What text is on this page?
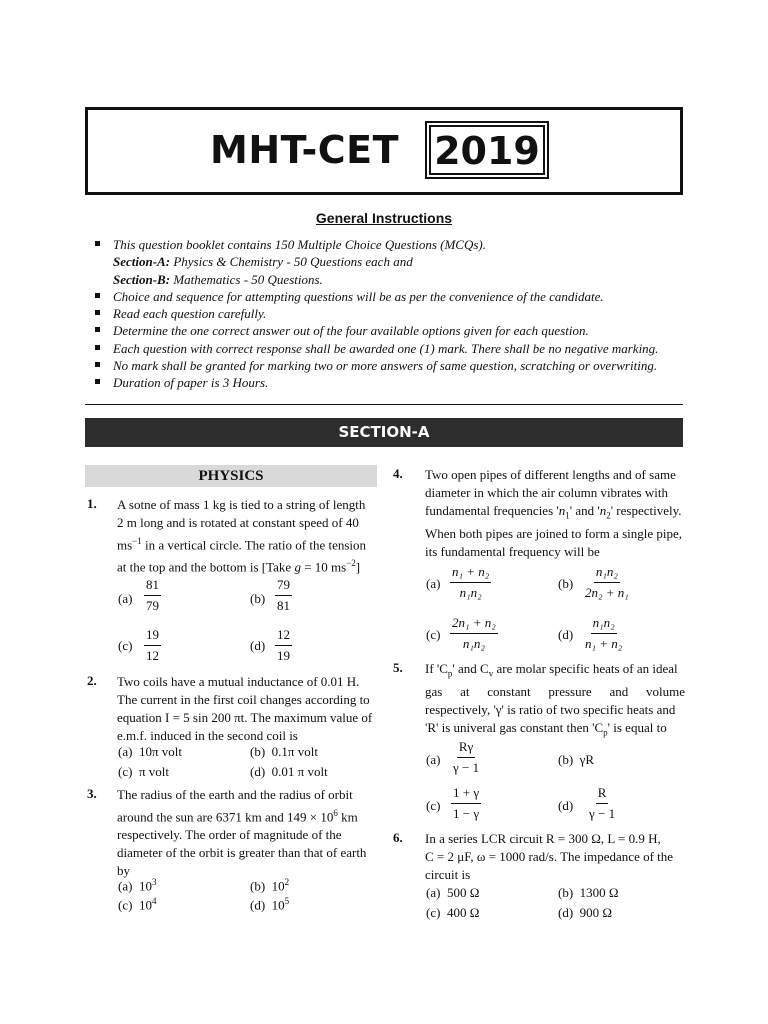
MHT-CET 2019
General Instructions
This question booklet contains 150 Multiple Choice Questions (MCQs).
Section-A: Physics & Chemistry - 50 Questions each and
Section-B: Mathematics - 50 Questions.
Choice and sequence for attempting questions will be as per the convenience of the candidate.
Read each question carefully.
Determine the one correct answer out of the four available options given for each question.
Each question with correct response shall be awarded one (1) mark. There shall be no negative marking.
No mark shall be granted for marking two or more answers of same question, scratching or overwriting.
Duration of paper is 3 Hours.
SECTION-A
PHYSICS
1. A sotne of mass 1 kg is tied to a string of length
2 m long and is rotated at constant speed of 40
$ms^{-1}$ in a vertical circle. The ratio of the tension
at the top and the bottom is [Take g = 10 $ms^{-2}$]
$(a) \frac{81}{79}$	$(b) \frac{79}{81}$
$(c) \frac{19}{12}$	$(d) \frac{12}{19}$
2. Two coils have a mutual inductance of 0.01 H.
The current in the first coil changes according to
equation I = 5 sin 200 πt. The maximum value of
e.m.f. induced in the second coil is
(a) 10π volt	(b) 0.1π volt
(c) π volt	(d) 0.01 π volt
3. The radius of the earth and the radius of orbit
around the sun are 6371 km and $149 \times 10^6$ km
respectively. The order of magnitude of the
diameter of the orbit is greater than that of earth
by
(a) $10^3$	(b) $10^2$
(c) $10^4$	(d) $10^5$
4. Two open pipes of different lengths and of same
diameter in which the air column vibrates with
fundamental frequencies '$n_1$' and '$n_2$' respectively.
When both pipes are joined to form a single pipe,
its fundamental frequency will be
$(a) \frac{\text{n₁ + n₂}}{\text{n₁n₂}}$	$(b) \frac{\text{n₁n₂}}{\text{2n₂ + n₁}}$
$(c) \frac{\text{2n₁ + n₂}}{\text{n₁n₂}}$	$(d) \frac{\text{n₁n₂}}{\text{n₁ + n₂}}$
5. If '$C_p$' and $C_v$ are molar specific heats of an ideal
gas at constant pressure and volume
respectively, 'γ' is ratio of two specific heats and
'R' is univeral gas constant then '$C_p$' is equal to
$(a) \frac{R\gamma}{\gamma - 1}$	(b) γR
$(c) \frac{1 + \gamma}{1 - \gamma}$	$(d) \frac{R}{\gamma - 1}$
6. In a series LCR circuit R = 300 Ω, L = 0.9 H,
C = 2 μF, ω = 1000 rad/s. The impedance of the
circuit is
(a) 500 Ω	(b) 1300 Ω
(c) 400 Ω	(d) 900 Ω
